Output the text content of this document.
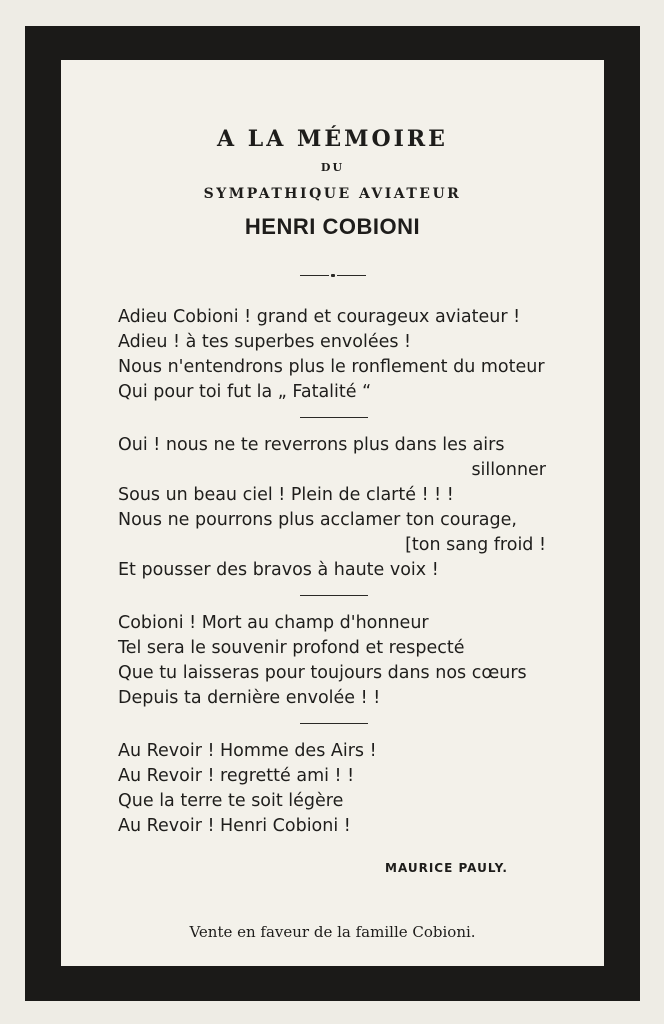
A LA MÉMOIRE
DU
SYMPATHIQUE AVIATEUR
HENRI COBIONI
Adieu Cobioni ! grand et courageux aviateur !
Adieu ! à tes superbes envolées !
Nous n'entendrons plus le ronflement du moteur
Qui pour toi fut la „ Fatalité “
Oui ! nous ne te reverrons plus dans les airs
sillonner
Sous un beau ciel ! Plein de clarté ! ! !
Nous ne pourrons plus acclamer ton courage,
[ton sang froid !
Et pousser des bravos à haute voix !
Cobioni ! Mort au champ d'honneur
Tel sera le souvenir profond et respecté
Que tu laisseras pour toujours dans nos cœurs
Depuis ta dernière envolée ! !
Au Revoir ! Homme des Airs !
Au Revoir ! regretté ami ! !
Que la terre te soit légère
Au Revoir ! Henri Cobioni !
MAURICE PAULY.
Vente en faveur de la famille Cobioni.
